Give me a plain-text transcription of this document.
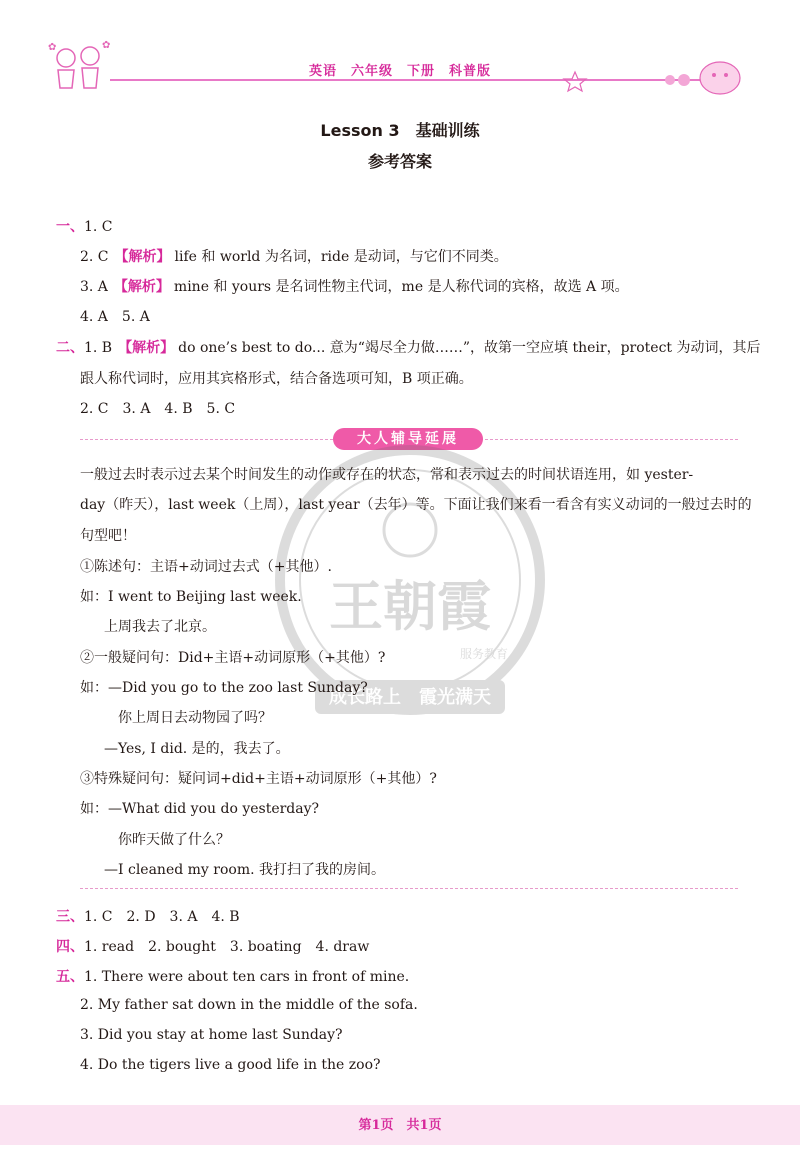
✿	✿
英语　六年级　下册　科普版
Lesson 3　基础训练
参考答案
一、1. C
2. C 【解析】 life 和 world 为名词，ride 是动词，与它们不同类。
3. A 【解析】 mine 和 yours 是名词性物主代词，me 是人称代词的宾格，故选 A 项。
4. A　5. A
二、1. B 【解析】 do one’s best to do... 意为“竭尽全力做……”，故第一空应填 their，protect 为动词，其后
跟人称代词时，应用其宾格形式，结合备选项可知，B 项正确。
2. C　3. A　4. B　5. C
大人辅导延展
王朝霞
服务教育
成长路上　霞光满天
一般过去时表示过去某个时间发生的动作或存在的状态，常和表示过去的时间状语连用，如 yester-
day（昨天），last week（上周），last year（去年）等。下面让我们来看一看含有实义动词的一般过去时的
句型吧！
①陈述句：主语+动词过去式（+其他）.
如：I went to Beijing last week.
上周我去了北京。
②一般疑问句：Did+主语+动词原形（+其他）?
如：—Did you go to the zoo last Sunday?
你上周日去动物园了吗？
—Yes, I did. 是的，我去了。
③特殊疑问句：疑问词+did+主语+动词原形（+其他）?
如：—What did you do yesterday?
你昨天做了什么？
—I cleaned my room. 我打扫了我的房间。
三、1. C　2. D　3. A　4. B
四、1. read　2. bought　3. boating　4. draw
五、1. There were about ten cars in front of mine.
2. My father sat down in the middle of the sofa.
3. Did you stay at home last Sunday?
4. Do the tigers live a good life in the zoo?
第1页　共1页
